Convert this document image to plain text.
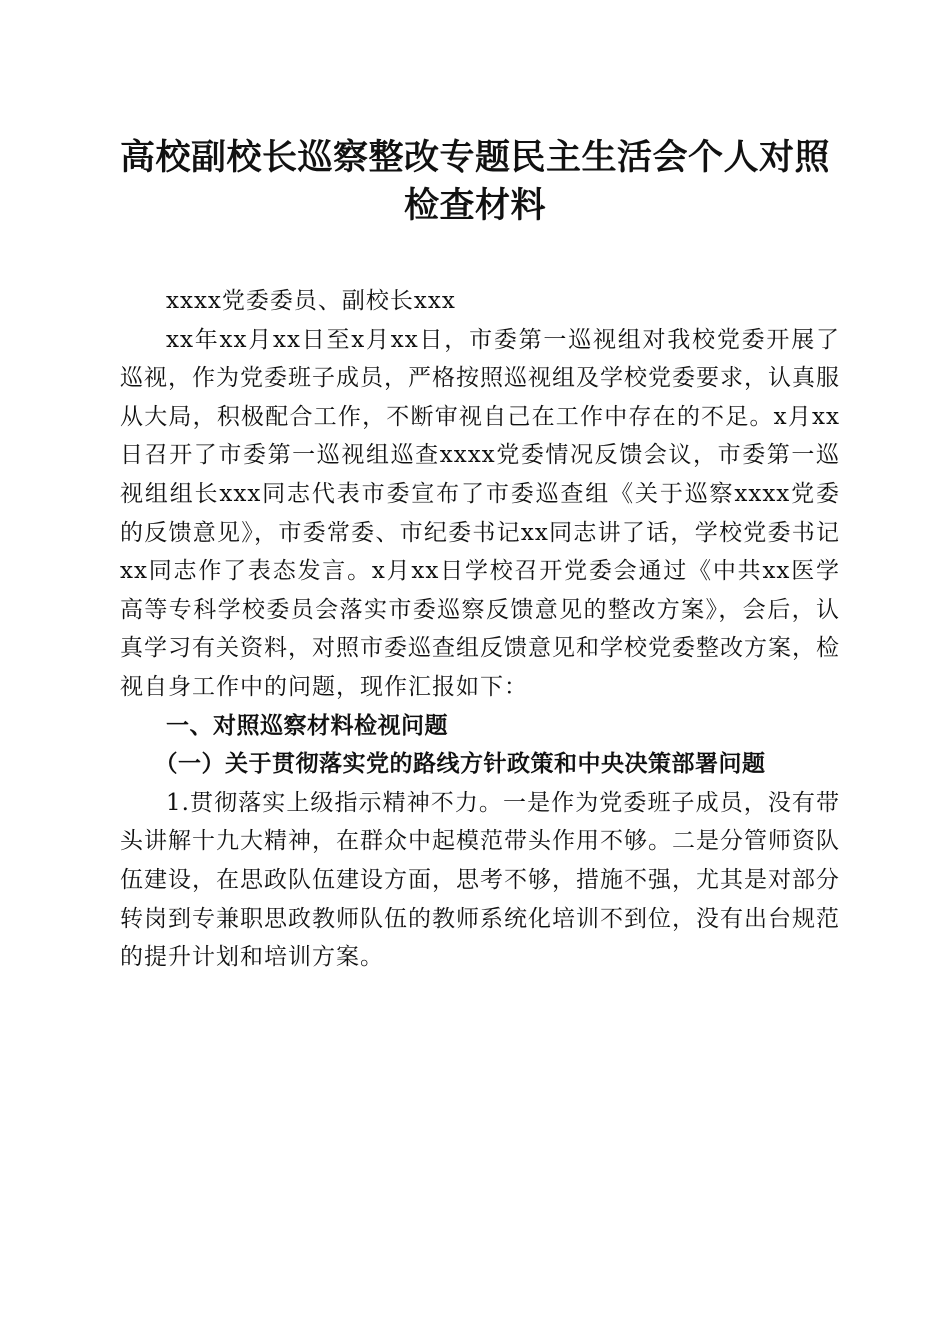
高校副校长巡察整改专题民主生活会个人对照
检查材料

xxxx党委委员、副校长xxx

xx年xx月xx日至x月xx日，市委第一巡视组对我校党委开展了巡视，作为党委班子成员，严格按照巡视组及学校党委要求，认真服从大局，积极配合工作，不断审视自己在工作中存在的不足。x月xx日召开了市委第一巡视组巡查xxxx党委情况反馈会议，市委第一巡视组组长xxx同志代表市委宣布了市委巡查组《关于巡察xxxx党委的反馈意见》，市委常委、市纪委书记xx同志讲了话，学校党委书记xx同志作了表态发言。x月xx日学校召开党委会通过《中共xx医学高等专科学校委员会落实市委巡察反馈意见的整改方案》，会后，认真学习有关资料，对照市委巡查组反馈意见和学校党委整改方案，检视自身工作中的问题，现作汇报如下：

一、对照巡察材料检视问题

（一）关于贯彻落实党的路线方针政策和中央决策部署问题

1.贯彻落实上级指示精神不力。一是作为党委班子成员，没有带头讲解十九大精神，在群众中起模范带头作用不够。二是分管师资队伍建设，在思政队伍建设方面，思考不够，措施不强，尤其是对部分转岗到专兼职思政教师队伍的教师系统化培训不到位，没有出台规范的提升计划和培训方案。
